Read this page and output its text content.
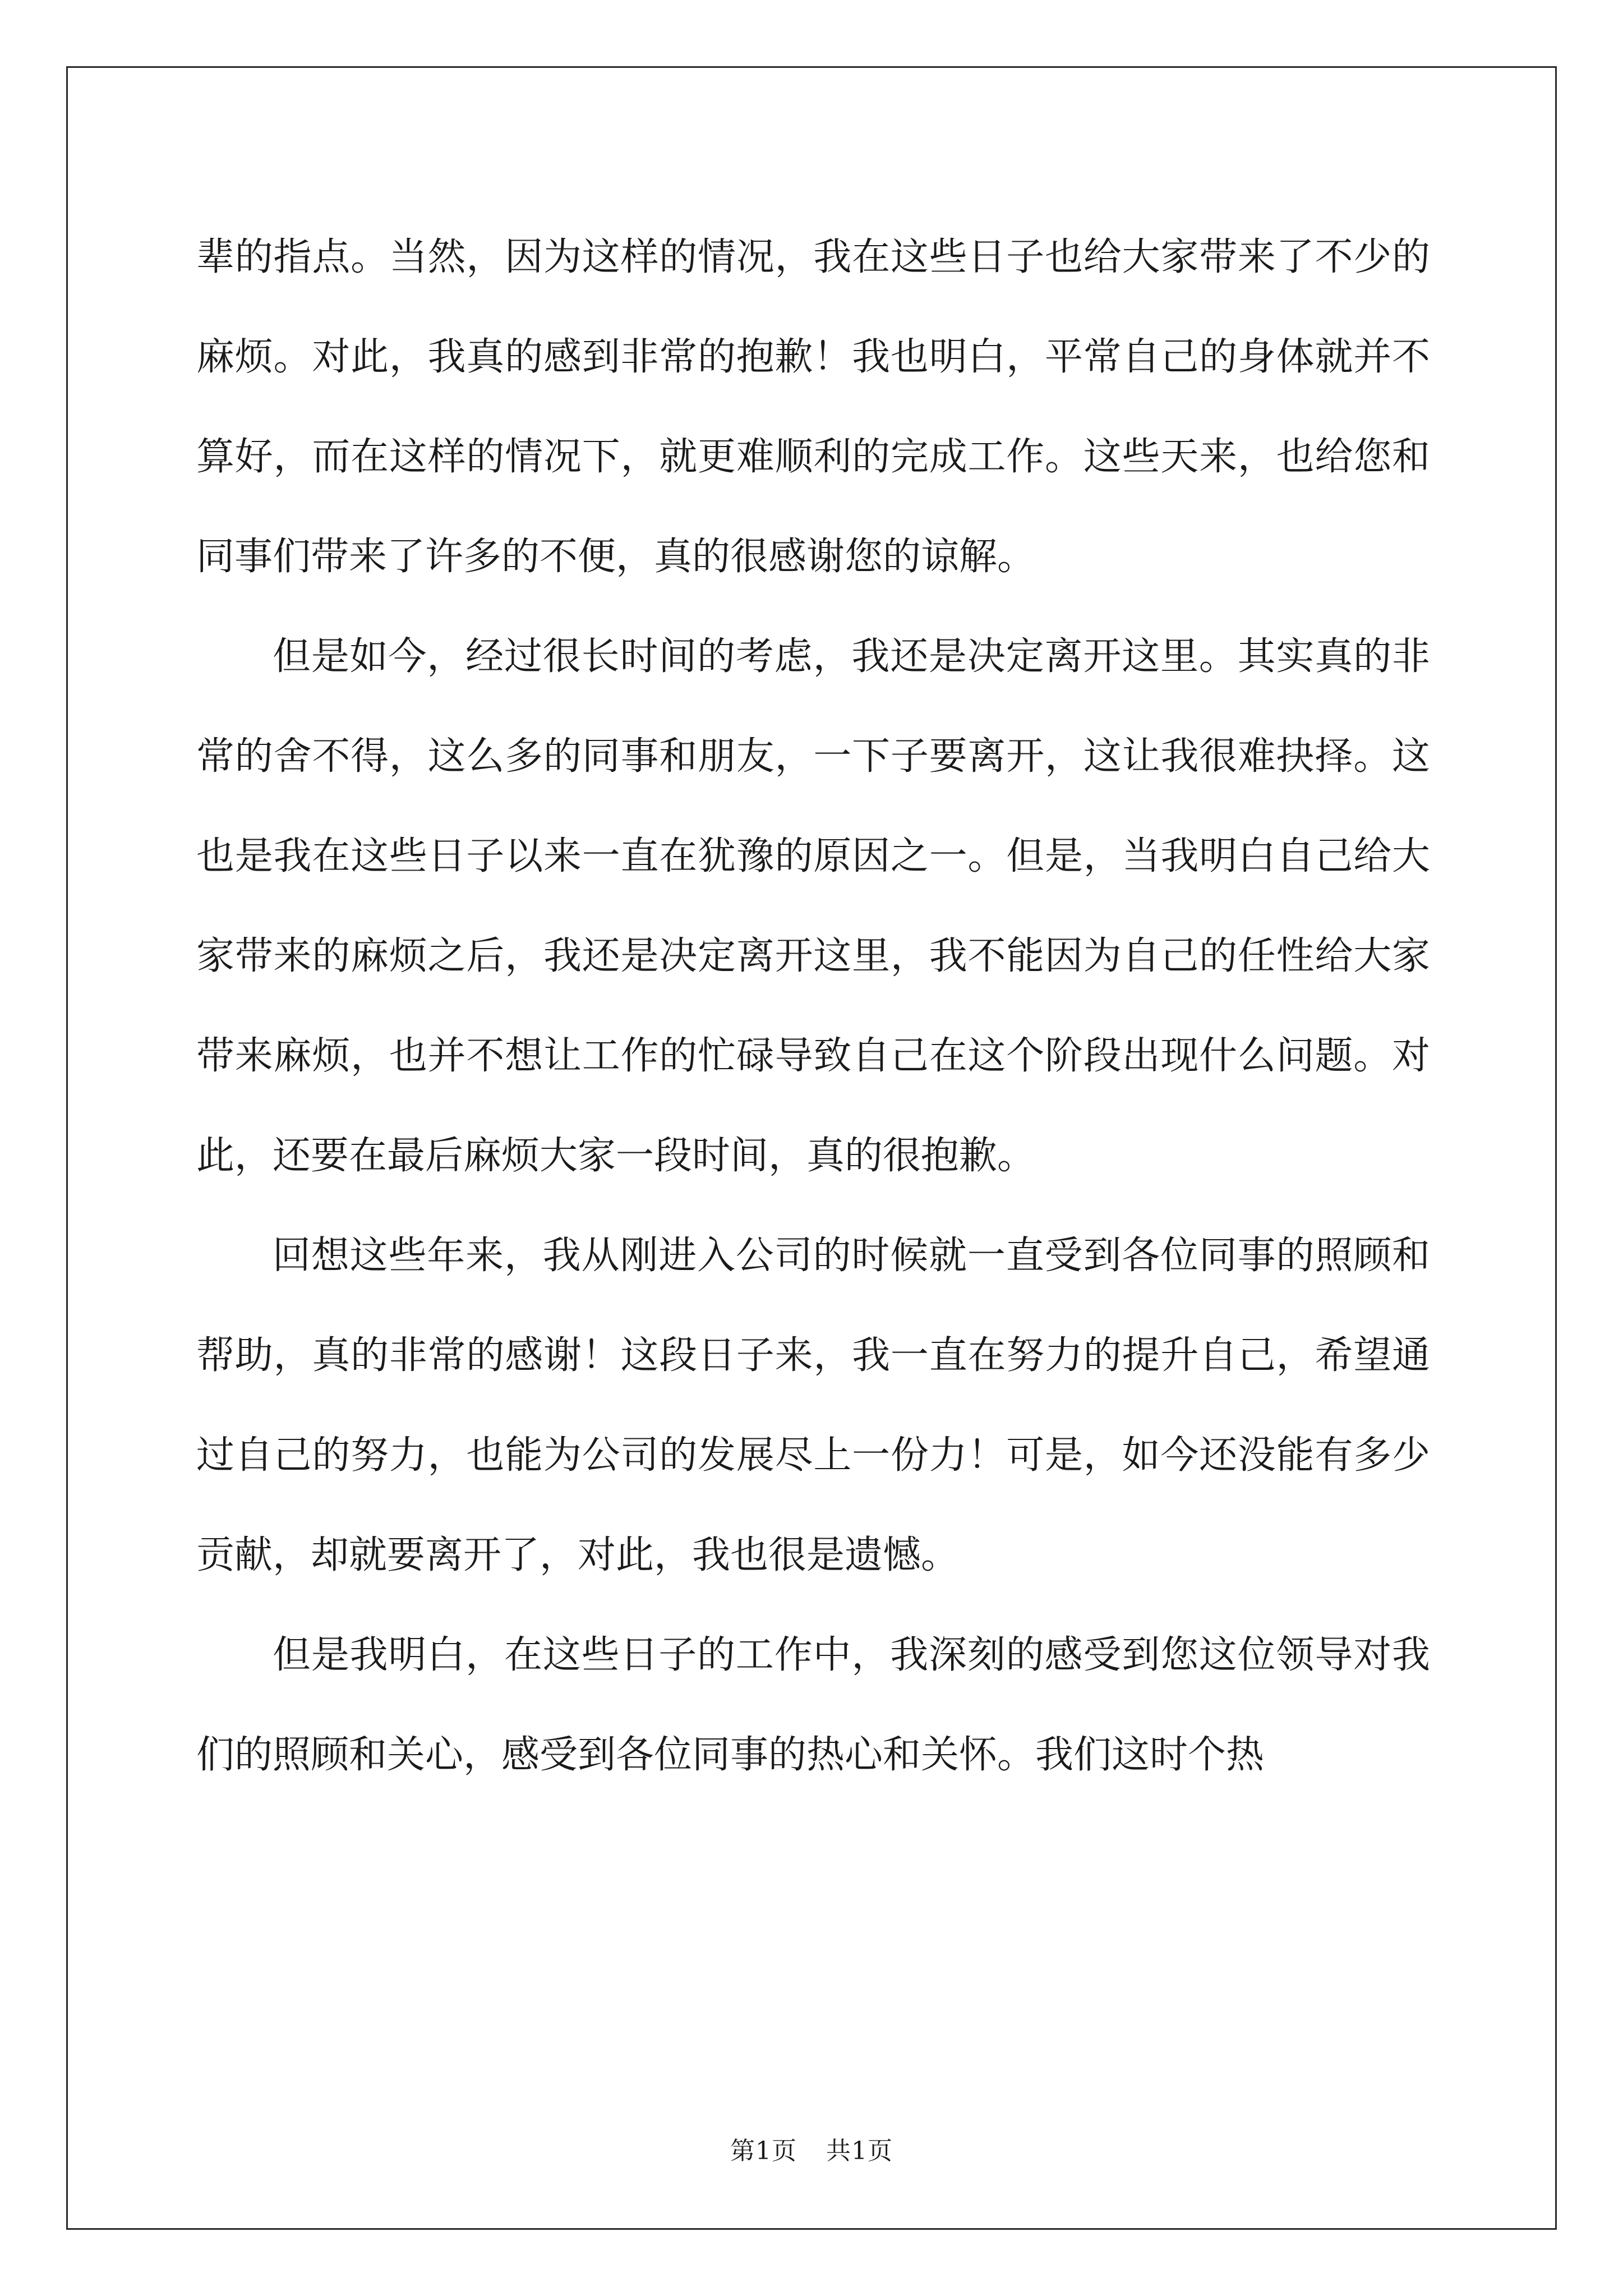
辈的指点。当然，因为这样的情况，我在这些日子也给大家带来了不少的麻烦。对此，我真的感到非常的抱歉！我也明白，平常自己的身体就并不算好，而在这样的情况下，就更难顺利的完成工作。这些天来，也给您和同事们带来了许多的不便，真的很感谢您的谅解。

但是如今，经过很长时间的考虑，我还是决定离开这里。其实真的非常的舍不得，这么多的同事和朋友，一下子要离开，这让我很难抉择。这也是我在这些日子以来一直在犹豫的原因之一。但是，当我明白自己给大家带来的麻烦之后，我还是决定离开这里，我不能因为自己的任性给大家带来麻烦，也并不想让工作的忙碌导致自己在这个阶段出现什么问题。对此，还要在最后麻烦大家一段时间，真的很抱歉。

回想这些年来，我从刚进入公司的时候就一直受到各位同事的照顾和帮助，真的非常的感谢！这段日子来，我一直在努力的提升自己，希望通过自己的努力，也能为公司的发展尽上一份力！可是，如今还没能有多少贡献，却就要离开了，对此，我也很是遗憾。

但是我明白，在这些日子的工作中，我深刻的感受到您这位领导对我们的照顾和关心，感受到各位同事的热心和关怀。我们这时个热

第1页 共1页
